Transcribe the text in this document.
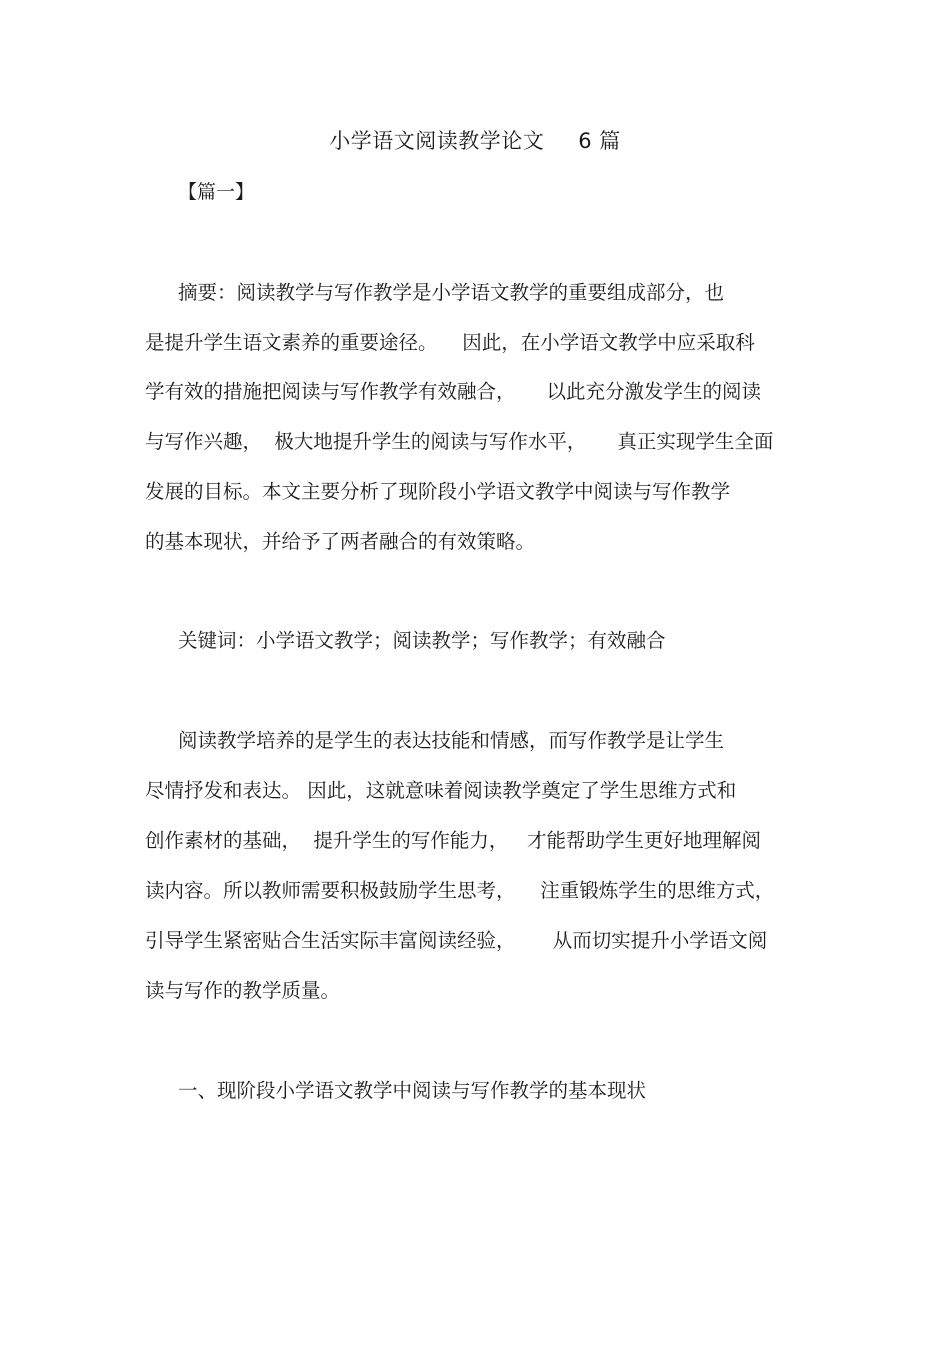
小学语文阅读教学论文 6 篇
【篇一】
摘要：阅读教学与写作教学是小学语文教学的重要组成部分，也
是提升学生语文素养的重要途径。    因此，在小学语文教学中应采取科
学有效的措施把阅读与写作教学有效融合，     以此充分激发学生的阅读
与写作兴趣，  极大地提升学生的阅读与写作水平，     真正实现学生全面
发展的目标。本文主要分析了现阶段小学语文教学中阅读与写作教学
的基本现状，并给予了两者融合的有效策略。
关键词：小学语文教学；阅读教学；写作教学；有效融合
阅读教学培养的是学生的表达技能和情感，而写作教学是让学生
尽情抒发和表达。 因此，这就意味着阅读教学奠定了学生思维方式和
创作素材的基础，  提升学生的写作能力，   才能帮助学生更好地理解阅
读内容。所以教师需要积极鼓励学生思考，    注重锻炼学生的思维方式，
引导学生紧密贴合生活实际丰富阅读经验，      从而切实提升小学语文阅
读与写作的教学质量。
一、现阶段小学语文教学中阅读与写作教学的基本现状
